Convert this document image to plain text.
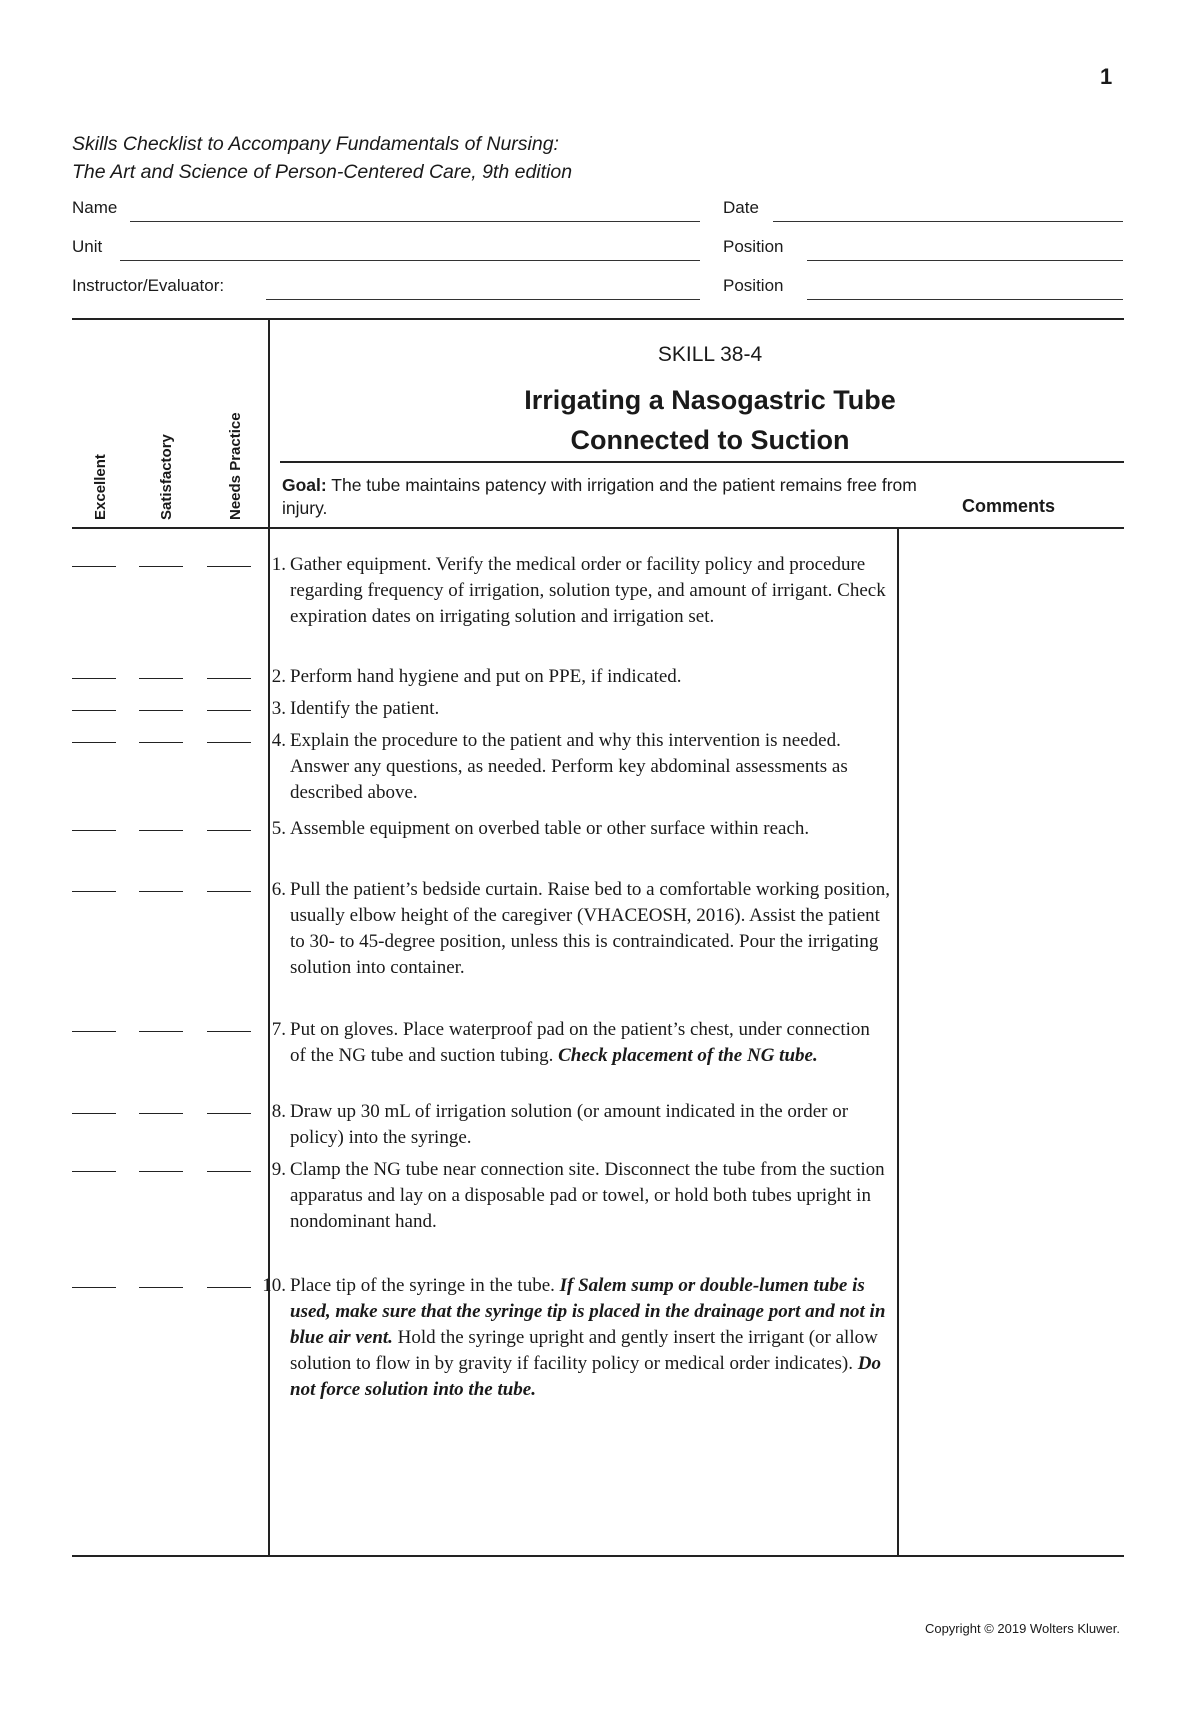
1
Skills Checklist to Accompany Fundamentals of Nursing:
The Art and Science of Person-Centered Care, 9th edition
Name	Date
Unit	Position
Instructor/Evaluator:	Position
Excellent	Satisfactory	Needs Practice
SKILL 38-4
Irrigating a Nasogastric Tube
Connected to Suction
Goal: The tube maintains patency with irrigation and the patient remains free from injury.	Comments
1. Gather equipment. Verify the medical order or facility policy and procedure regarding frequency of irrigation, solution type, and amount of irrigant. Check expiration dates on irrigating solution and irrigation set.
2. Perform hand hygiene and put on PPE, if indicated.
3. Identify the patient.
4. Explain the procedure to the patient and why this intervention is needed. Answer any questions, as needed. Perform key abdominal assessments as described above.
5. Assemble equipment on overbed table or other surface within reach.
6. Pull the patient’s bedside curtain. Raise bed to a comfortable working position, usually elbow height of the caregiver (VHACEOSH, 2016). Assist the patient to 30- to 45-degree position, unless this is contraindicated. Pour the irrigating solution into container.
7. Put on gloves. Place waterproof pad on the patient’s chest, under connection of the NG tube and suction tubing. Check placement of the NG tube.
8. Draw up 30 mL of irrigation solution (or amount indicated in the order or policy) into the syringe.
9. Clamp the NG tube near connection site. Disconnect the tube from the suction apparatus and lay on a disposable pad or towel, or hold both tubes upright in nondominant hand.
10. Place tip of the syringe in the tube. If Salem sump or double-lumen tube is used, make sure that the syringe tip is placed in the drainage port and not in blue air vent. Hold the syringe upright and gently insert the irrigant (or allow solution to flow in by gravity if facility policy or medical order indicates). Do not force solution into the tube.
Copyright © 2019 Wolters Kluwer.
